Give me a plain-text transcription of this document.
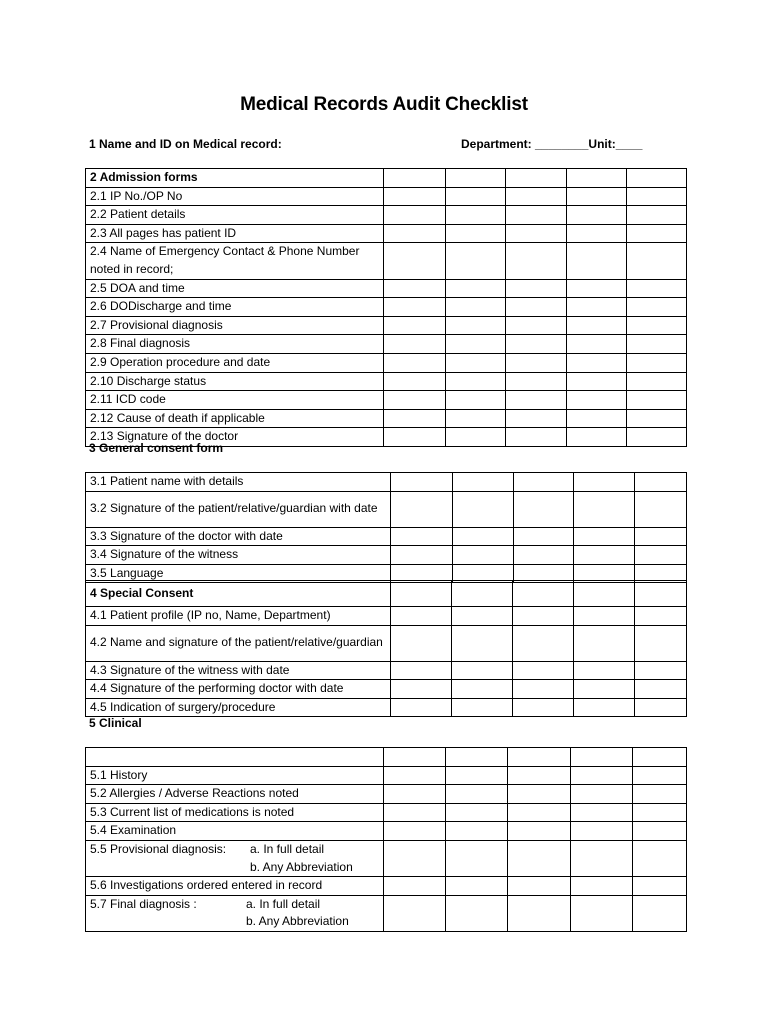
Medical Records Audit Checklist
1 Name and ID on Medical record:	Department: ________Unit:____
2 Admission forms					
2.1 IP No./OP No					
2.2 Patient details					
2.3 All pages has patient ID					
2.4 Name of Emergency Contact & Phone Number noted in record;					
2.5 DOA and time					
2.6 DODischarge and time					
2.7 Provisional diagnosis					
2.8 Final diagnosis					
2.9 Operation procedure and date					
2.10 Discharge status					
2.11 ICD code					
2.12 Cause of death if applicable					
2.13 Signature of the doctor					
3 General consent form
3.1 Patient name with details					
3.2 Signature of the patient/relative/guardian with date					
3.3 Signature of the doctor with date					
3.4 Signature of the witness					
3.5 Language					
4 Special Consent					
4.1 Patient profile (IP no, Name, Department)					
4.2 Name and signature of the patient/relative/guardian					
4.3 Signature of the witness with date					
4.4 Signature of the performing doctor with date					
4.5 Indication of surgery/procedure					
5 Clinical

5.1 History					
5.2 Allergies / Adverse Reactions noted					
5.3 Current list of medications is noted					
5.4 Examination					

5.5 Provisional diagnosis: a. In full detail
b. Any Abbreviation					

5.6 Investigations ordered entered in record					

5.7 Final diagnosis : a. In full detail
b. Any Abbreviation					
